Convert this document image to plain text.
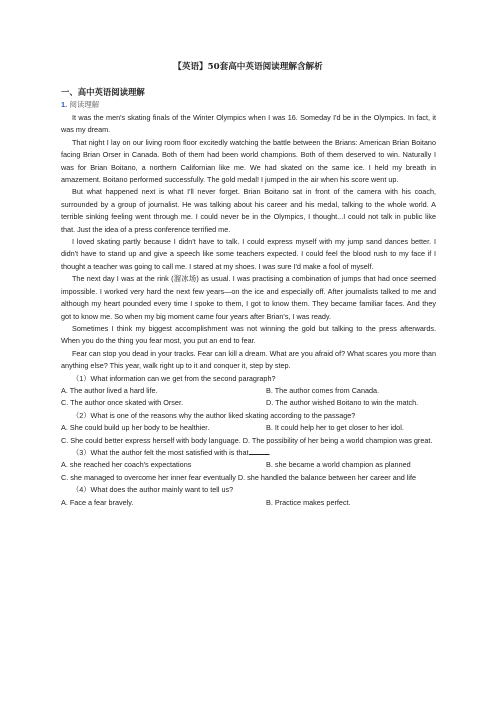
【英语】50套高中英语阅读理解含解析
一、高中英语阅读理解
1. 阅读理解

It was the men's skating finals of the Winter Olympics when I was 16. Someday I'd be in the Olympics. In fact, it was my dream.

That night I lay on our living room floor excitedly watching the battle between the Brians: American Brian Boitano facing Brian Orser in Canada. Both of them had been world champions. Both of them deserved to win. Naturally I was for Brian Boitano, a northern Californian like me. We had skated on the same ice. I held my breath in amazement. Boitano performed successfully. The gold medal! I jumped in the air when his score went up.

But what happened next is what I'll never forget. Brian Boitano sat in front of the camera with his coach, surrounded by a group of journalist. He was talking about his career and his medal, talking to the whole world. A terrible sinking feeling went through me. I could never be in the Olympics, I thought...I could not talk in public like that. Just the idea of a press conference terrified me.

I loved skating partly because I didn't have to talk. I could express myself with my jump sand dances better. I didn't have to stand up and give a speech like some teachers expected. I could feel the blood rush to my face if I thought a teacher was going to call me. I stared at my shoes. I was sure I'd make a fool of myself.

The next day I was at the rink (溜冰场) as usual. I was practising a combination of jumps that had once seemed impossible. I worked very hard the next few years—on the ice and especially off. After journalists talked to me and although my heart pounded every time I spoke to them, I got to know them. They became familiar faces. And they got to know me. So when my big moment came four years after Brian's, I was ready.

Sometimes I think my biggest accomplishment was not winning the gold but talking to the press afterwards. When you do the thing you fear most, you put an end to fear.

Fear can stop you dead in your tracks. Fear can kill a dream. What are you afraid of? What scares you more than anything else? This year, walk right up to it and conquer it, step by step.

（1）What information can we get from the second paragraph?

A. The author lived a hard life.	B. The author comes from Canada.
C. The author once skated with Orser.	D. The author wished Boitano to win the match.

（2）What is one of the reasons why the author liked skating according to the passage?

A. She could build up her body to be healthier.	B. It could help her to get closer to her idol.

C. She could better express herself with body language. D. The possibility of her being a world champion was great.

（3）What the author felt the most satisfied with is that	.

A. she reached her coach's expectations	B. she became a world champion as planned

C. she managed to overcome her inner fear eventually D. she handled the balance between her career and life

（4）What does the author mainly want to tell us?

A. Face a fear bravely.	B. Practice makes perfect.
